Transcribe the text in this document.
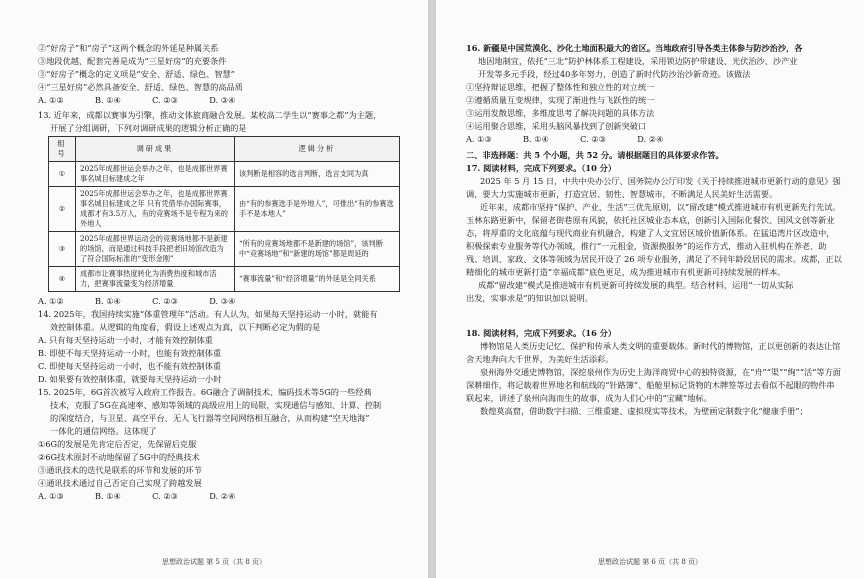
②“好房子”和“房子”这两个概念的外延是种属关系
③地段优越、配套完善是成为“三星好房”的充要条件
③“好房子”概念的定义项是“安全、舒适、绿色、智慧”
④“三星好房”必然具备安全、舒适、绿色、智慧的高品质
A. ①②            B. ①④            C. ②③            D. ③④
13. 近年来，成都以赛事为引擎，推动文体旅商融合发展。某校高二学生以“赛事之都”为主题，
开展了分组调研，下列对调研成果的逻辑分析正确的是
组号	调研成果	逻辑分析
①	2025年成都世运会举办之年，也是成都世界赛事名城目标建成之年	该判断是相容的选言判断，选言支同为真
②	2025年成都世运会举办之年，也是成都世界赛事名城目标建成之年 只有凭借举办国际赛事，成都才有3.5万人，有的竞赛场不是专程为来的外地人	由“有的参赛选手是外地人”，可推出“有的参赛选手不是本地人”
③	2025年成都世界运动会的竞赛场地都不是新建的场馆，而是通过科技手段把老旧场馆改造为了符合国际标准的“变形金刚”	“所有的竞赛场地都不是新建的场馆”，该判断中“竞赛场地”和“新建的场馆”都是周延的
④	成都市让赛事热度转化为消费热度和城市活力，把赛事流量变为经济增量	“赛事流量”和“经济增量”的外延是全同关系
A. ①②            B. ①④            C. ②③            D. ③④
14. 2025年，我国持续实施“体重管理年”活动。有人认为，如果每天坚持运动一小时，就能有
效控制体重。从逻辑的角度看，假设上述观点为真，以下判断必定为假的是
A. 只有每天坚持运动一小时，才能有效控制体重
B. 即使不每天坚持运动一小时，也能有效控制体重
C. 即使每天坚持运动一小时，也不能有效控制体重
D. 如果要有效控制体重，就要每天坚持运动一小时
15. 2025年，6G首次被写入政府工作报告。6G融合了调制技术、编码技术等5G的一些经典
技术，克服了5G在高速率、感知等领域的高级应用上的局限，实现通信与感知、计算、控制
的深度结合，与卫星、高空平台、无人飞行器等空间网络相互融合，从而构建“空天地海”
一体化的通信网络。这体现了
①6G的发展是先肯定后否定，先保留后克服
②6G技术原封不动地保留了5G中的经典技术
③通讯技术的迭代是联系的环节和发展的环节
④通讯技术通过自己否定自己实现了跨越发展
A. ①③            B. ①④            C. ②③            D. ②④
思想政治试题 第 5 页（共 8 页）
16. 新疆是中国荒漠化、沙化土地面积最大的省区。当地政府引导各类主体参与防沙治沙，各
地因地制宜，依托“三北”防护林体系工程建设，采用锁边防护带建设、光伏治沙、沙产业
开发等多元手段，经过40多年努力，创造了新时代防沙治沙新奇迹。该做法
①坚持辩证思维，把握了整体性和独立性的对立统一
②遵循质量互变规律，实现了渐进性与飞跃性的统一
③运用发散思维，多维度思考了解决问题的具体方法
④运用聚合思维，采用头脑风暴找到了创新突破口
A. ①③            B. ①④            C. ②③            D. ②④
二、非选择题：共 5 个小题，共 52 分。请根据题目的具体要求作答。
17. 阅读材料，完成下列要求。（10 分）
2025 年 5 月 15 日，中共中央办公厅、国务院办公厅印发《关于持续推进城市更新行动的意见》强调，要大力实施城市更新，打造宜居、韧性、智慧城市，不断满足人民美好生活需要。
近年来，成都市坚持“保护、产业、生活”三优先原则，以“留改建”模式推进城市有机更新先行先试。玉林东路更新中，保留老街巷原有风貌，依托社区城业态本底，创新引入国际化餐饮、国风文创等新业态，将厚重的文化底蕴与现代商业有机融合，构建了人文宜居区域价值新体系。在猛追湾片区改造中，积极探索专业服务等代办领域，推行“一元租金，资源换服务”的运作方式，推动入驻机构在养老、助残、培训、家政、文体等领域为居民开设了 26 项专业服务，满足了不同年龄段居民的需求。成都，正以精细化的城市更新打造“幸福成都”底色更足，成为推进城市有机更新可持续发展的样本。
成都“留改建”模式是推进城市有机更新可持续发展的典型。结合材料，运用“一切从实际
出发，实事求是”的知识加以说明。
18. 阅读材料，完成下列要求。（16 分）
博物馆是人类历史记忆、保护和传承人类文明的重要载体。新时代的博物馆，正以更创新的表达让馆舍天地奔向大千世界，为美好生活添彩。
泉州海外交通史博物馆，深挖泉州作为历史上海洋商贸中心的独特资源，在“舟”“渠”“绚”“活”等方面深耕细作，将记载着世界地名和航线的“针路簿”、船舱里标记货物的木牌签等过去看似不起眼的物件串联起来，讲述了泉州向海而生的故事，成为人们心中的“宝藏”地标。
数煌莫高窟，借助数字扫描、三维重建、虚拟现实等技术，为壁画定制数字化“健康手册”；
思想政治试题 第 6 页（共 8 页）
